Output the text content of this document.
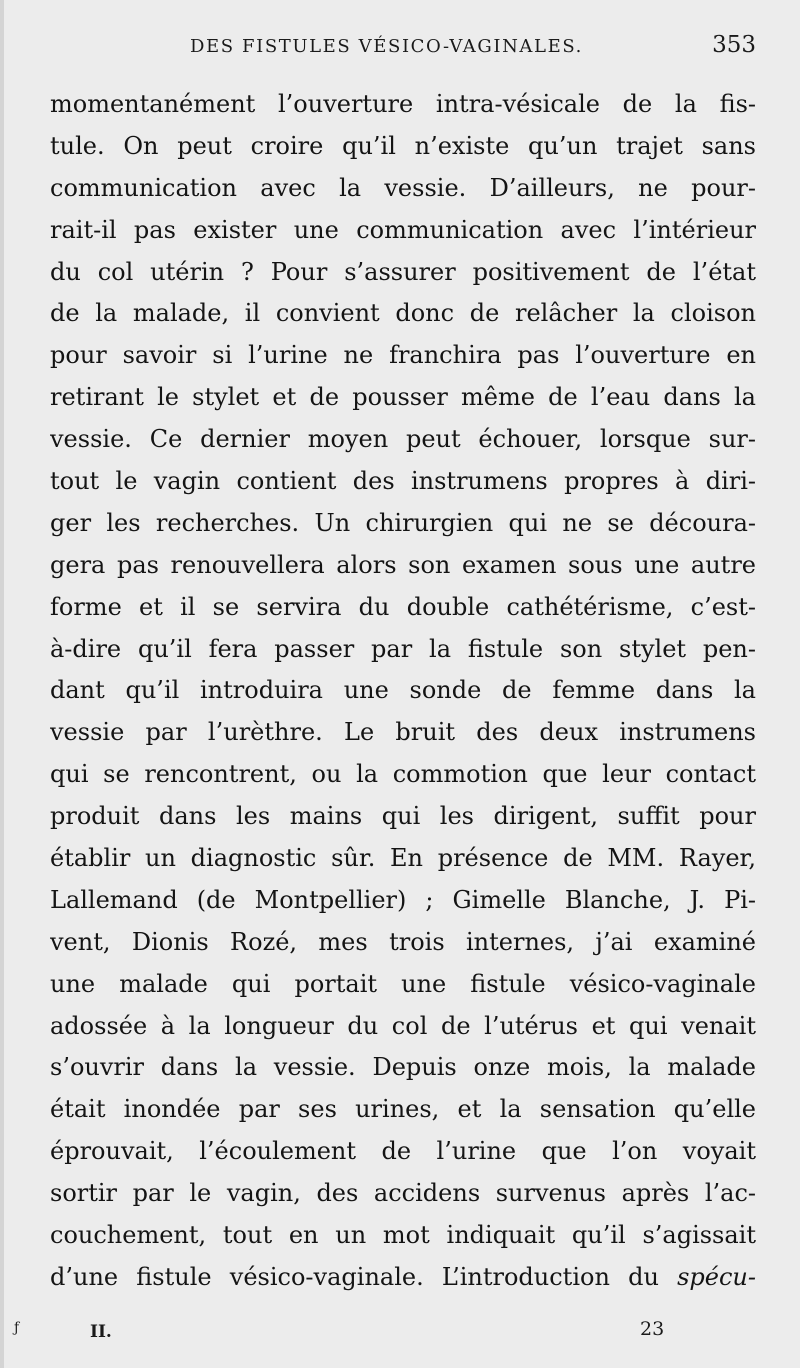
DES FISTULES VÉSICO-VAGINALES.	353
momentanément l’ouverture intra-vésicale de la fis-
tule. On peut croire qu’il n’existe qu’un trajet sans
communication avec la vessie. D’ailleurs, ne pour-
rait-il pas exister une communication avec l’intérieur
du col utérin ? Pour s’assurer positivement de l’état
de la malade, il convient donc de relâcher la cloison
pour savoir si l’urine ne franchira pas l’ouverture en
retirant le stylet et de pousser même de l’eau dans la
vessie. Ce dernier moyen peut échouer, lorsque sur-
tout le vagin contient des instrumens propres à diri-
ger les recherches. Un chirurgien qui ne se découra-
gera pas renouvellera alors son examen sous une autre
forme et il se servira du double cathétérisme, c’est-
à-dire qu’il fera passer par la fistule son stylet pen-
dant qu’il introduira une sonde de femme dans la
vessie par l’urèthre. Le bruit des deux instrumens
qui se rencontrent, ou la commotion que leur contact
produit dans les mains qui les dirigent, suffit pour
établir un diagnostic sûr. En présence de MM. Rayer,
Lallemand (de Montpellier) ; Gimelle Blanche, J. Pi-
vent, Dionis Rozé, mes trois internes, j’ai examiné
une malade qui portait une fistule vésico-vaginale
adossée à la longueur du col de l’utérus et qui venait
s’ouvrir dans la vessie. Depuis onze mois, la malade
était inondée par ses urines, et la sensation qu’elle
éprouvait, l’écoulement de l’urine que l’on voyait
sortir par le vagin, des accidens survenus après l’ac-
couchement, tout en un mot indiquait qu’il s’agissait
d’une fistule vésico-vaginale. L’introduction du spécu-
ƒ	II.	23
